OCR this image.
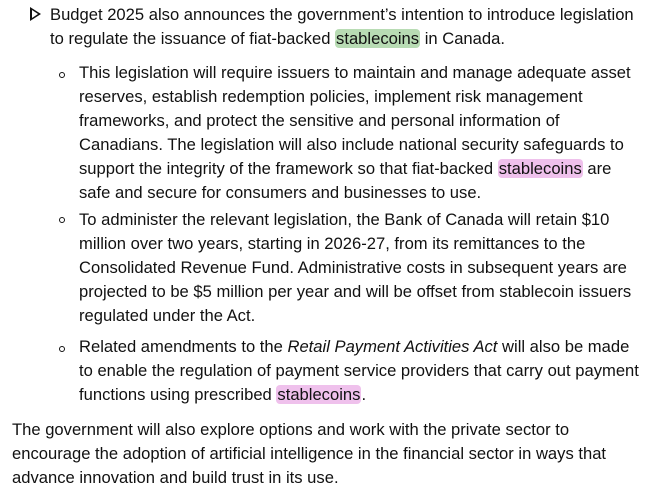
Budget 2025 also announces the government’s intention to introduce legislation to regulate the issuance of fiat-backed stablecoins in Canada.
This legislation will require issuers to maintain and manage adequate asset reserves, establish redemption policies, implement risk management frameworks, and protect the sensitive and personal information of Canadians. The legislation will also include national security safeguards to support the integrity of the framework so that fiat-backed stablecoins are safe and secure for consumers and businesses to use.
To administer the relevant legislation, the Bank of Canada will retain $10 million over two years, starting in 2026-27, from its remittances to the Consolidated Revenue Fund. Administrative costs in subsequent years are projected to be $5 million per year and will be offset from stablecoin issuers regulated under the Act.
Related amendments to the Retail Payment Activities Act will also be made to enable the regulation of payment service providers that carry out payment functions using prescribed stablecoins.
The government will also explore options and work with the private sector to encourage the adoption of artificial intelligence in the financial sector in ways that advance innovation and build trust in its use.
